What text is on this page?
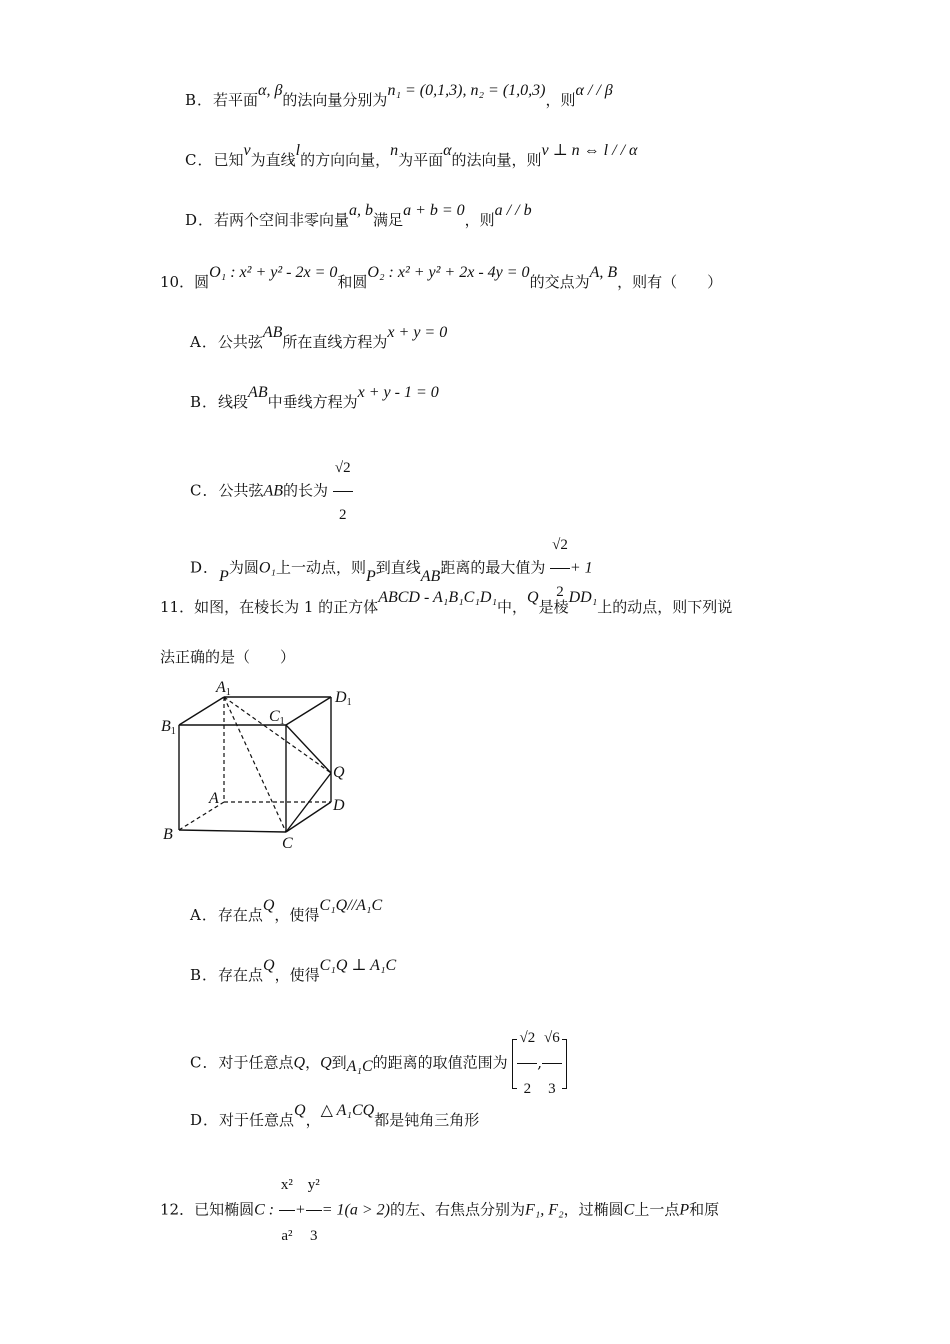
B．若平面α, β的法向量分别为n₁ = (0,1,3), n₂ = (1,0,3)，则α / / β
C．已知v为直线l的方向向量，n为平面α的法向量，则v ⊥ n ⇔ l / / α
D．若两个空间非零向量a, b满足a + b = 0，则a / / b
10．圆O₁ : x² + y² - 2x = 0和圆O₂ : x² + y² + 2x - 4y = 0的交点为A, B，则有（　　）
A．公共弦AB所在直线方程为x + y = 0
B．线段AB中垂线方程为x + y - 1 = 0
C．公共弦AB的长为 $\frac{√2}{2}$
D．P为圆O₁上一动点，则P到直线AB距离的最大值为 $\frac{√2}{2} + 1$
11．如图，在棱长为 1 的正方体ABCD - A₁B₁C₁D₁中，Q是棱DD₁上的动点，则下列说
法正确的是（　　）
A1	D1
B1
C1
A
Q
D
B
C
A．存在点Q，使得C₁Q//A₁C
B．存在点Q，使得C₁Q ⊥ A₁C
C．对于任意点Q，Q到A₁C的距离的取值范围为 $\frac{√2}{2}$ , $\frac{√6}{3}$
D．对于任意点Q，△ A₁CQ都是钝角三角形
12．已知椭圆C : $\frac{\text{x²}}{\text{a²}} + \frac{\text{y²}}{3} = 1(a > 2)$的左、右焦点分别为F₁, F₂，过椭圆C上一点P和原
